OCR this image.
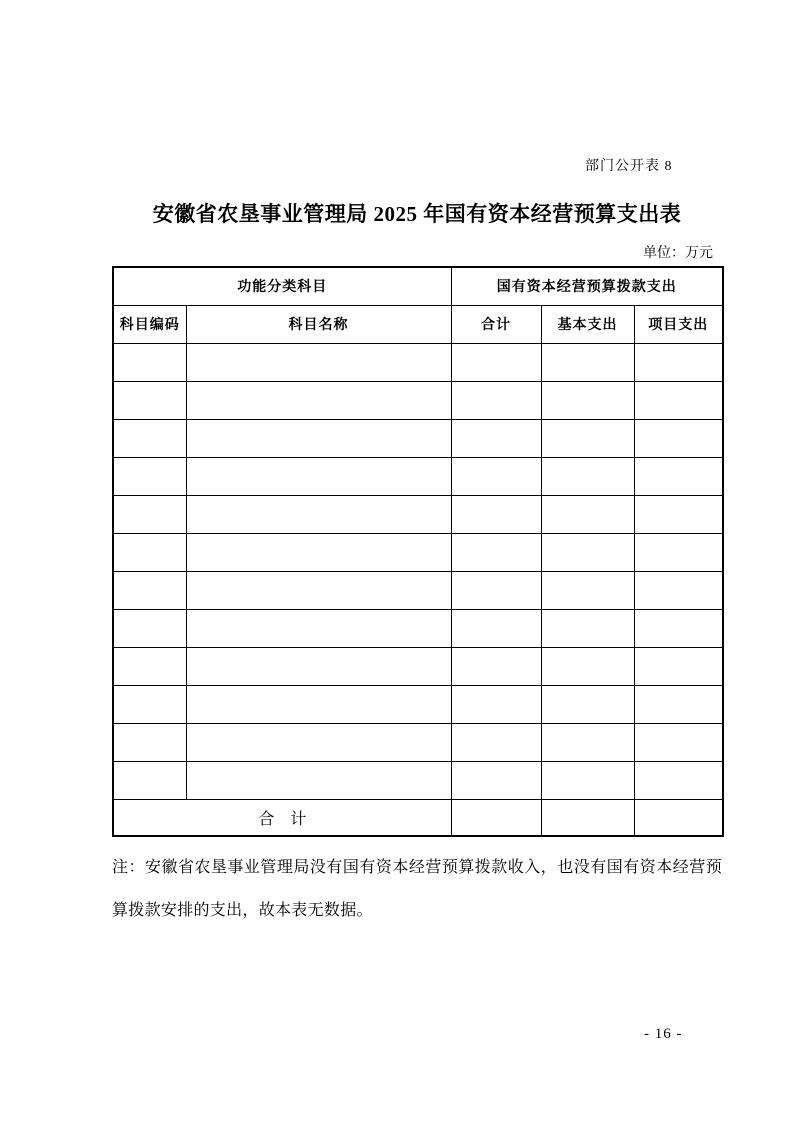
部门公开表 8
安徽省农垦事业管理局 2025 年国有资本经营预算支出表
单位：万元
功能分类科目		国有资本经营预算拨款支出		
科目编码	科目名称	合计	基本支出	项目支出

合　计				

注：安徽省农垦事业管理局没有国有资本经营预算拨款收入，也没有国有资本经营预算拨款安排的支出，故本表无数据。

- 16 -
